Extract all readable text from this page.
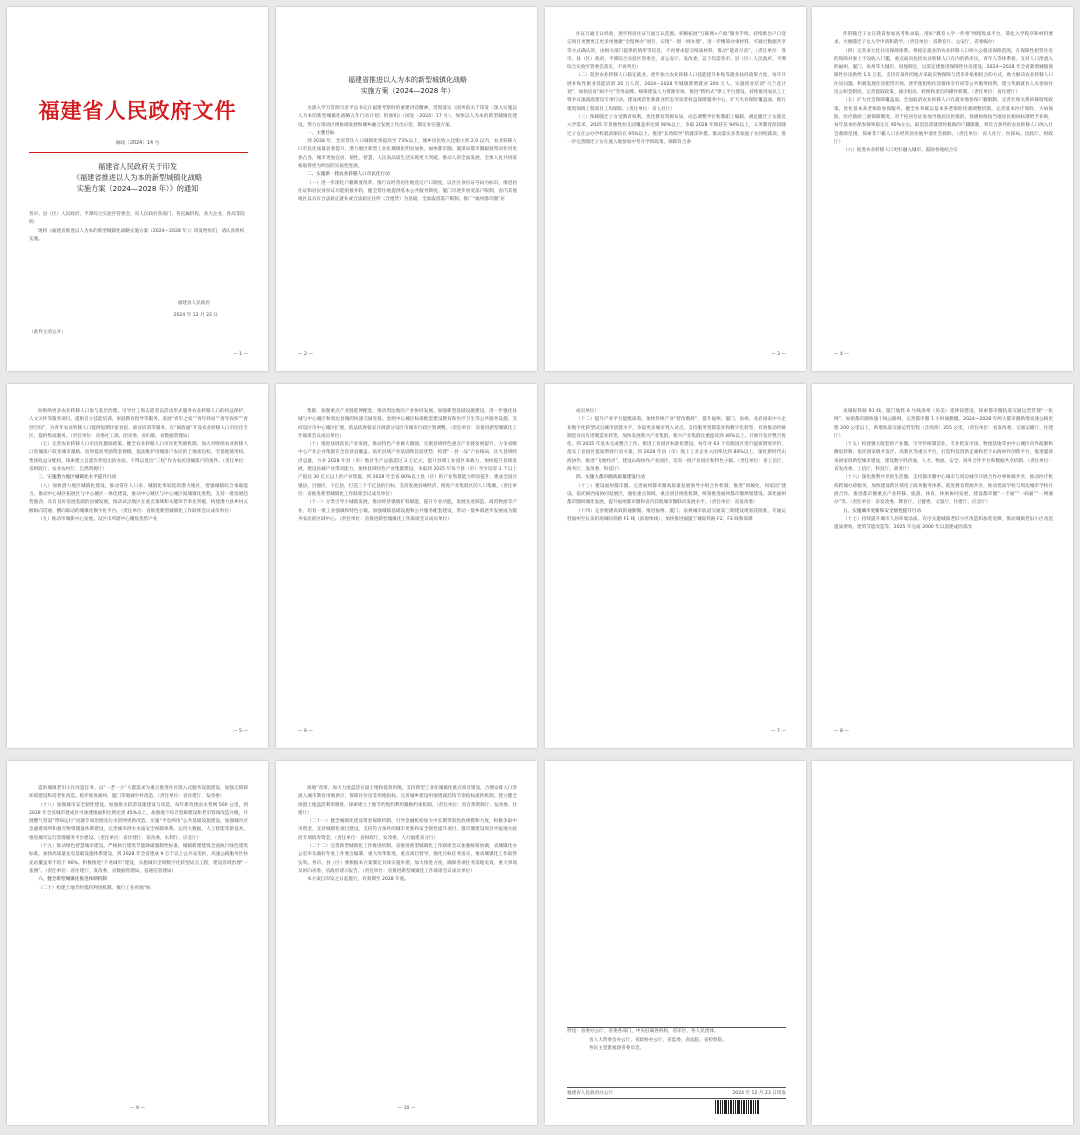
福建省人民政府文件
闽政〔2024〕14 号
福建省人民政府关于印发
《福建省推进以人为本的新型城镇化战略
实施方案（2024—2028 年）》的通知

各市、县（区）人民政府，平潭综合实验区管委会，省人民政府各部门、各直属机构，各大企业，各高等院校：

现将《福建省推进以人为本的新型城镇化战略实施方案（2024—2028 年）》印发给你们，请认真组织实施。

福建省人民政府
2024 年 12 月 22 日
（此件主动公开）
— 1 —
福建省推进以人为本的新型城镇化战略
实施方案（2024—2028 年）

为深入学习贯彻习近平总书记在福建考察时的重要讲话精神，贯彻落实《国务院关于印发〈深入实施以人为本的新型城镇化战略五年行动计划〉的通知》（国发〔2024〕17 号），加快以人为本的新型城镇化建设，努力在推动区域协调发展和城乡融合发展上作出示范，制定本实施方案。

一、主要目标

到 2028 年，全省常住人口城镇化率提高至 73%以上，城乡居民收入比缩小到 2.0 以内，农业转移人口市民化质量显著提升，潜力地区新型工业化城镇化明显加快，福州都市圈、厦漳泉都市圈辐射带动作用更加凸显，城市更加宜居、韧性、智慧，人民高品质生活实现更大突破，推动人的全面发展、全体人民共同富裕取得更为明显的实质性进展。

二、实施新一轮农业转移人口市民化行动

（一）进一步深化户籍制度改革。推行以经常居住地登记户口制度，以社区身份证号码为标识，推进居住证和居民身份证功能衔接并轨，健全常住地提供基本公共服务制度。厦门市逐步放宽落户限制，省内其他地区以具有合法稳定就业或合法稳定住所（含租赁）为基础，全面取消落户限制。推广“福州都市圈”居

— 2 —

住证互通互认经验，逐步将居住证互通互认范围。积极拓展“互联网+户政”服务手续，持续推出户口登记项目更便更正更多更便捷“全程网办”项目，实现“一窗一网办理”。进一步精简办事材料，可通过数据共享等方式确认的，由相关部门提供的情形等信息，不再要求提交纸质材料，推动“能省尽省”。（责任单位：各市、县（区）政府，平潭综合实验区管委会，省公安厅、发改委，以下均需各市、县（区）人民政府、平潭综合实验区管委会落实，不再列出）

（二）促进农业转移人口稳定就业。逐步加大农业转移人口技能提升补贴等就业扶持政策力度，每年开展补贴性职业技能培训 20 万人次，2024—2028 年城镇新增就业 200 万人。实施创业培训“马兰花计划”，加快培育“闽字号”劳务品牌。统筹建设人力资源市场，推进“跨约式”零工平台建设，持续推进农民工工资争议速裁庭建设专项行动。建设规范化新就业形态劳动者权益保障服务中心，扩大失业保险覆盖面，推行建筑领域工程项目工伤保险。（责任单位：省人社厅）

（三）保障随迁子女受教育权利。优化教育资源布局，动态调整学位和教职工编制，满足随迁子女就近入学需求，2025 年普惠性幼儿园覆盖率达到 90%以上，争取 2028 年保持在 94%以上，义务教育阶段随迁子女在公办学校就读保持在 95%以上。推进“长幼阳学”的就读举措，推动落实多类家庭子女同校就读。进一步完善随迁子女在流入地参加中考升学的政策，保障符合条

— 3 —

件的随迁子女在我省参加高考和录取。用好“教育入学一件事”网络集成平台，简化入学程序和材料要求，方便随迁子女入学申请和就学。（责任单位：省教育厅、公安厅、省委编办）

（四）完善多元化住房保障体系。将稳定就业的农业转移人口纳入公租房保障范围，在保障性租赁住房的保障对象上不设收入门槛，重点面向包括农业转移人口在内的新市民、青年人等体系租。支持人口净流入的福州、厦门、泉州等大城市，因地制宜，以需定建推进保障性住房建设，2024—2028 年全省新增城镇保障性住房供给 1.5 万套。支持有条件的地方采取实物保障与货币补贴相结合的方式，助力解决农业转移人口住房问题。积极发展住房租赁市场，逐步使租购住房群体享有同等公共服务权利，建立奖励就业人员参加住房公积金制度，完善提取政策，减少租房、转换和退出的操作机制。（责任单位：省住建厅）

（五）扩大社会保障覆盖面。全面取消农业转移人口在就业地参保户籍限制，完善社保关系转移接续政策，优化基本养老保险参保服务。健全业务联运基本养老保险待遇调整机制，完善基本医疗保险、大病保险、医疗救助三重保障制度。对于持居住证参加当地居民医保的，各级财政按当地居民相同标准给予补助，每年基本医保参保率稳定在 95%左右。取消急诊就诊时救助的户籍限制，将符合条件的农业转移人口纳入社会救助范围，探索非户籍人口在经常居住地申请社会救助。（责任单位：省人社厅、医保局、民政厅、财政厅）

（六）促进农业转移人口更好融入城市。鼓励各地结合实

— 4 —

际吸纳更多农业转移人口参与基层治理。引导社工和志愿者以活动形式服务农业转移人口的权益保护、人文关怀等服务项目，提供自立技能培训、家庭教育指导等服务。发展“青年之家”“青年驿站”“青年夜校”“青创空间”，为青年农业转移人口提供短期住宿食宿、职业培训等服务。在“闽政通”开设农业转移人口市民化专区，提供集成服务。（责任单位：省委社工部，团省委，省妇联，省数据管理局）

（七）完善农业转移人口市民化激励政策。健全农业转移人口市民化奖励机制，加大对吸纳农业转移人口进城落户较多城市激励。适时提高奖励资金规模。依法维护进城落户农民的土地承包权、宅基地使用权、集体收益分配权，探索建立自愿有偿退出的办法，不得以退出“三权”作为农民进城落户的条件。（责任单位：省财政厅、农业农村厅、自然资源厅）

三、实施潜力地区城镇化水平提升行动

（八）加快潜力地区城镇化建设。推动常住人口多、城镇化率较低的潜力地区，增强城镇综合承载能力。推动中心城区拓展区与中心城区一体化建设，推动中心城区与中心城区间城镇化进程，支持一批发展趋势强劲、具有良好发展基础的县城发展。推动试点地区在重点领域和关键环节率先突破，构建潜力县乡村五级纵向贯通、横向联动的城镇化数字化平台。（责任单位：省推进新型城镇化工作联席会议成员单位）

（九）推动市城新中心发展。设区市所辖中心聚焦优势产业

— 5 —

集群，加强重点产业链延伸配套，推动周边地区产业协同发展。加强新型基础设施建设，进一步强化县城与中心城区和周边县城的快速交通连接。参照中心城区标准配套建设教育和医疗卫生等公共服务设施，支持设区市中心城区扩展，依法依规稳妥开展部分设区市城市行政区划调整，（责任单位：省推进新型城镇化工作联席会议成员单位）

（十）推进县域富民产业发展。推动特色产业做大做强，实施县域特色重点产业链发展提升，力争省级中心产业企业集群在全省县县覆盖。依托县域产业基础和比较优势，构建“一县一品”产业格局，壮大县域经济总量，力争 2028 年县（市）地区生产总值超过 3 万亿元，提升县域工业园区承载力，加快提升县域发展，建设县城产业带动能力，加快县域特色产业集群建设，争取到 2025 年每个县（市）至少培育 1 个以上产值达 30 亿元以上的产业集群，到 2028 年全省 80%以上县（区）的产业集群能力明显提升，建成全国百强县、百强区、千亿县，打造三个千亿县的目标，支持发展县域经济，推进产业集群区的人口集聚。（责任单位：省推进新型城镇化工作联席会议成员单位）

（十一）分类引导小城镇发展。推动经济强镇扩权赋能，提升专业功能，发展先进制造、商贸物流等产业，培育一批工业强镇和特色小镇。加强城镇基础设施和公共服务配套建设，带动一般乡镇逐步发展成为服务农民的区域中心。（责任单位：省推进新型城镇化工作联席会议成员单位）

— 6 —

成员单位）

（十二）提升产业平台能级质效。加快传统产业“智改数转”，提升福州、厦门、泉州、龙岩国家中小企业数字化转型试点城市创建水平，争取更多城市列入试点。支持服务型制造业和数字化转型，有效推动传统制造业向先进制造业转变，加快发展新兴产业集群，新兴产业集群比重提高到 40%以上。开展开发区整合优化，到 2025 年基本完成整合工作。推进工业园区标准化建设，每年对 63 个省级园区进行提质增效评价，落实工业园区提质增效行动方案，到 2028 年县（市）现上工业企业入园率达到 80%以上，深化新时代山海协作，推进“飞地经济”，建设山海协作产业园区，培育一批产业园区和特色小镇。（责任单位：省工信厅、商务厅、发改委、科技厅）

四、实施大都市圈高质量建设行动

（十三）建设福州都市圈。完善福州都市圈高质量发展领导小组合作机制，推进“同城化、同家园”建设。依托闽西南协同发展区，强化重点领域、重点项目推进机制，统筹推进福州都市圈规划建设。深化福州都市圈同城化发展，提升福州都市圈和省内其他城市圈联动发展水平。（责任单位：省发改委）

（十四）完善便捷高效的通勤圈。推进福州、厦门、泉州城市轨道交通第三期建设规划获批准，开通运营福州至长乐机场城际铁路 F1 线（滨海快线），加快推进福厦宁城际铁路 F2、F3 线和漳潭

— 7 —

泉城际铁路 R1 线、厦门地铁 6 号线漳州（角美）延伸段建设，探索都市圈轨道交通运营管理“一张网”。加密都市圈快速干线公路网，完善都市圈 1 小时通勤圈。2024—2028 年两大都市圈新增高速公路里程 200 公里以上，新增轨道交通运营里程（含高铁）355 公里。（责任单位：省发改委、交通运输厅、住建厅）

（十五）构建强大配套的产业圈。引导传统制造业、专业批发市场、物流基地等由中心城区向外疏解和腾退转移，依托国家级开发区、高新区等重点平台，打造科技创新走廊和若干山海协作创新平台，推进厦漳泉国家创新型城市建设，建设数字经济通、人才、物流、安全、海外合作平台和数据共享机制。（责任单位：省发改委、工信厅、科技厅、商务厅）

（十六）深化便利共享的生活圈。支持都市圈中心城市与周边城市开展合作办事协调共享，推动医疗机构跨城办诊服务，加快建设跨区域电子政务服务体系。促进教育资源共享，推动优质学校与周边城市学校开展合作。推进都市圈重点产业转移、旅游、体育、休闲协同发展，建设都市圈“一卡通”“一码通”“一网通办”等。（责任单位：省发改委、教育厅、卫健委、文旅厅、住建厅、应急厅）

五、实施城市更新和安全韧性提升行动

（十七）持续提升城市人居环境品质。有序实施城镇老旧小区改造和加装电梯，推动城镇老旧小区改造提质增效，建筑节能改造等。2025 年完成 2000 年以前建成的需改

— 8 —

造的城镇老旧小区改造任务。以“一老一小”人群需求为重点推进社区嵌入式服务设施建设，加强无障碍环境建设和适老化改造。稳步推进福州、厦门等地城中村改造。（责任单位：省住建厅、发改委）

（十八）加强城市安全韧性建设。加强排水防涝设施建设与改造，每年新改建雨水管网 500 公里，到 2028 年全省城市建成区可渗透地面积比例达到 45%以上，加强地下综合管廊建设和老旧管线改造升级，开展燃气管道“带病运行”问题专项治理及污水管网更新改造。实施“平急两用”公共基础设施建设，加强城市应急避难场所和救灾物资储备体系建设，完善城市供水水质安全保障体系。运用大数据、人工智能等新技术，推进城市运行管理服务平台建设。（责任单位：省住建厅、发改委、水利厅、应急厅）

（十九）推动绿色智慧城市建设。严格执行建筑节能降碳强制性标准，城镇新建建筑全面执行绿色建筑标准，加快高质量充电基础设施体系建设，到 2028 年全省建成 9 万个以上公共充电桩，高速公路服务区快充站覆盖率不低于 90%。积极推进“千兆城市”建设，实施城市全域数字化转型试点工程，建设省域治理“一张图”。（责任单位：省住建厅、发改委、省数据管理局、省通信管理局）

六、健全新型城镇化推进体制机制

（二十）构建土地节约集约利用机制。推行工业用地“标

— 9 —

准地”改革，加大力度盘活存量土地和低效用地。支持新型工业化城镇化重点项目建设，合理安排人口净流入城市教育用地供应，保障住住房等用地指标。完善城乡建设用地增减挂钩节余指标流转机制，建立健全闲置土地盘活利用制度，探索建立土地节约集约利用激励约束机制。（责任单位：省自然资源厅、发改委、住建厅）

（二十一）健全城镇化建设资金保障机制。引导金融机构加大中长期贷款投放规模和力度，积极争取中央资金，支持城镇化项目建设，支持符合条件的城市更新和安全韧性提升项目、都市圈建设项目申报地方政府专项债券资金。（责任单位：省财政厅、发改委、人行福建省分行）

（二十二）完善新型城镇化工作推进机制。省推进新型城镇化工作联席会议加强统筹协调，省城镇化办公室牵头做好年度工作要点编制、重大改革推进、重点项目督导，强化目标任务落实，推动城镇化工作取得实效。各市、县（区）要根据本方案制定具体实施举措，加大推进力度，确保各项任务落地见效，重大事项及时向省委、省政府请示报告。（责任单位：省推进新型城镇化工作联席会议成员单位）

本方案自印发之日起施行，有效期至 2028 年底。

— 10 —

抄送：省委办公厅，省委各部门，中央驻闽各机构，省军区，各人民团体。

省人大常委会办公厅，省政协办公厅，省监委，省法院，省检察院。

各民主党派福建省委员会。

福建省人民政府办公厅	2024 年 12 月 23 日印发
